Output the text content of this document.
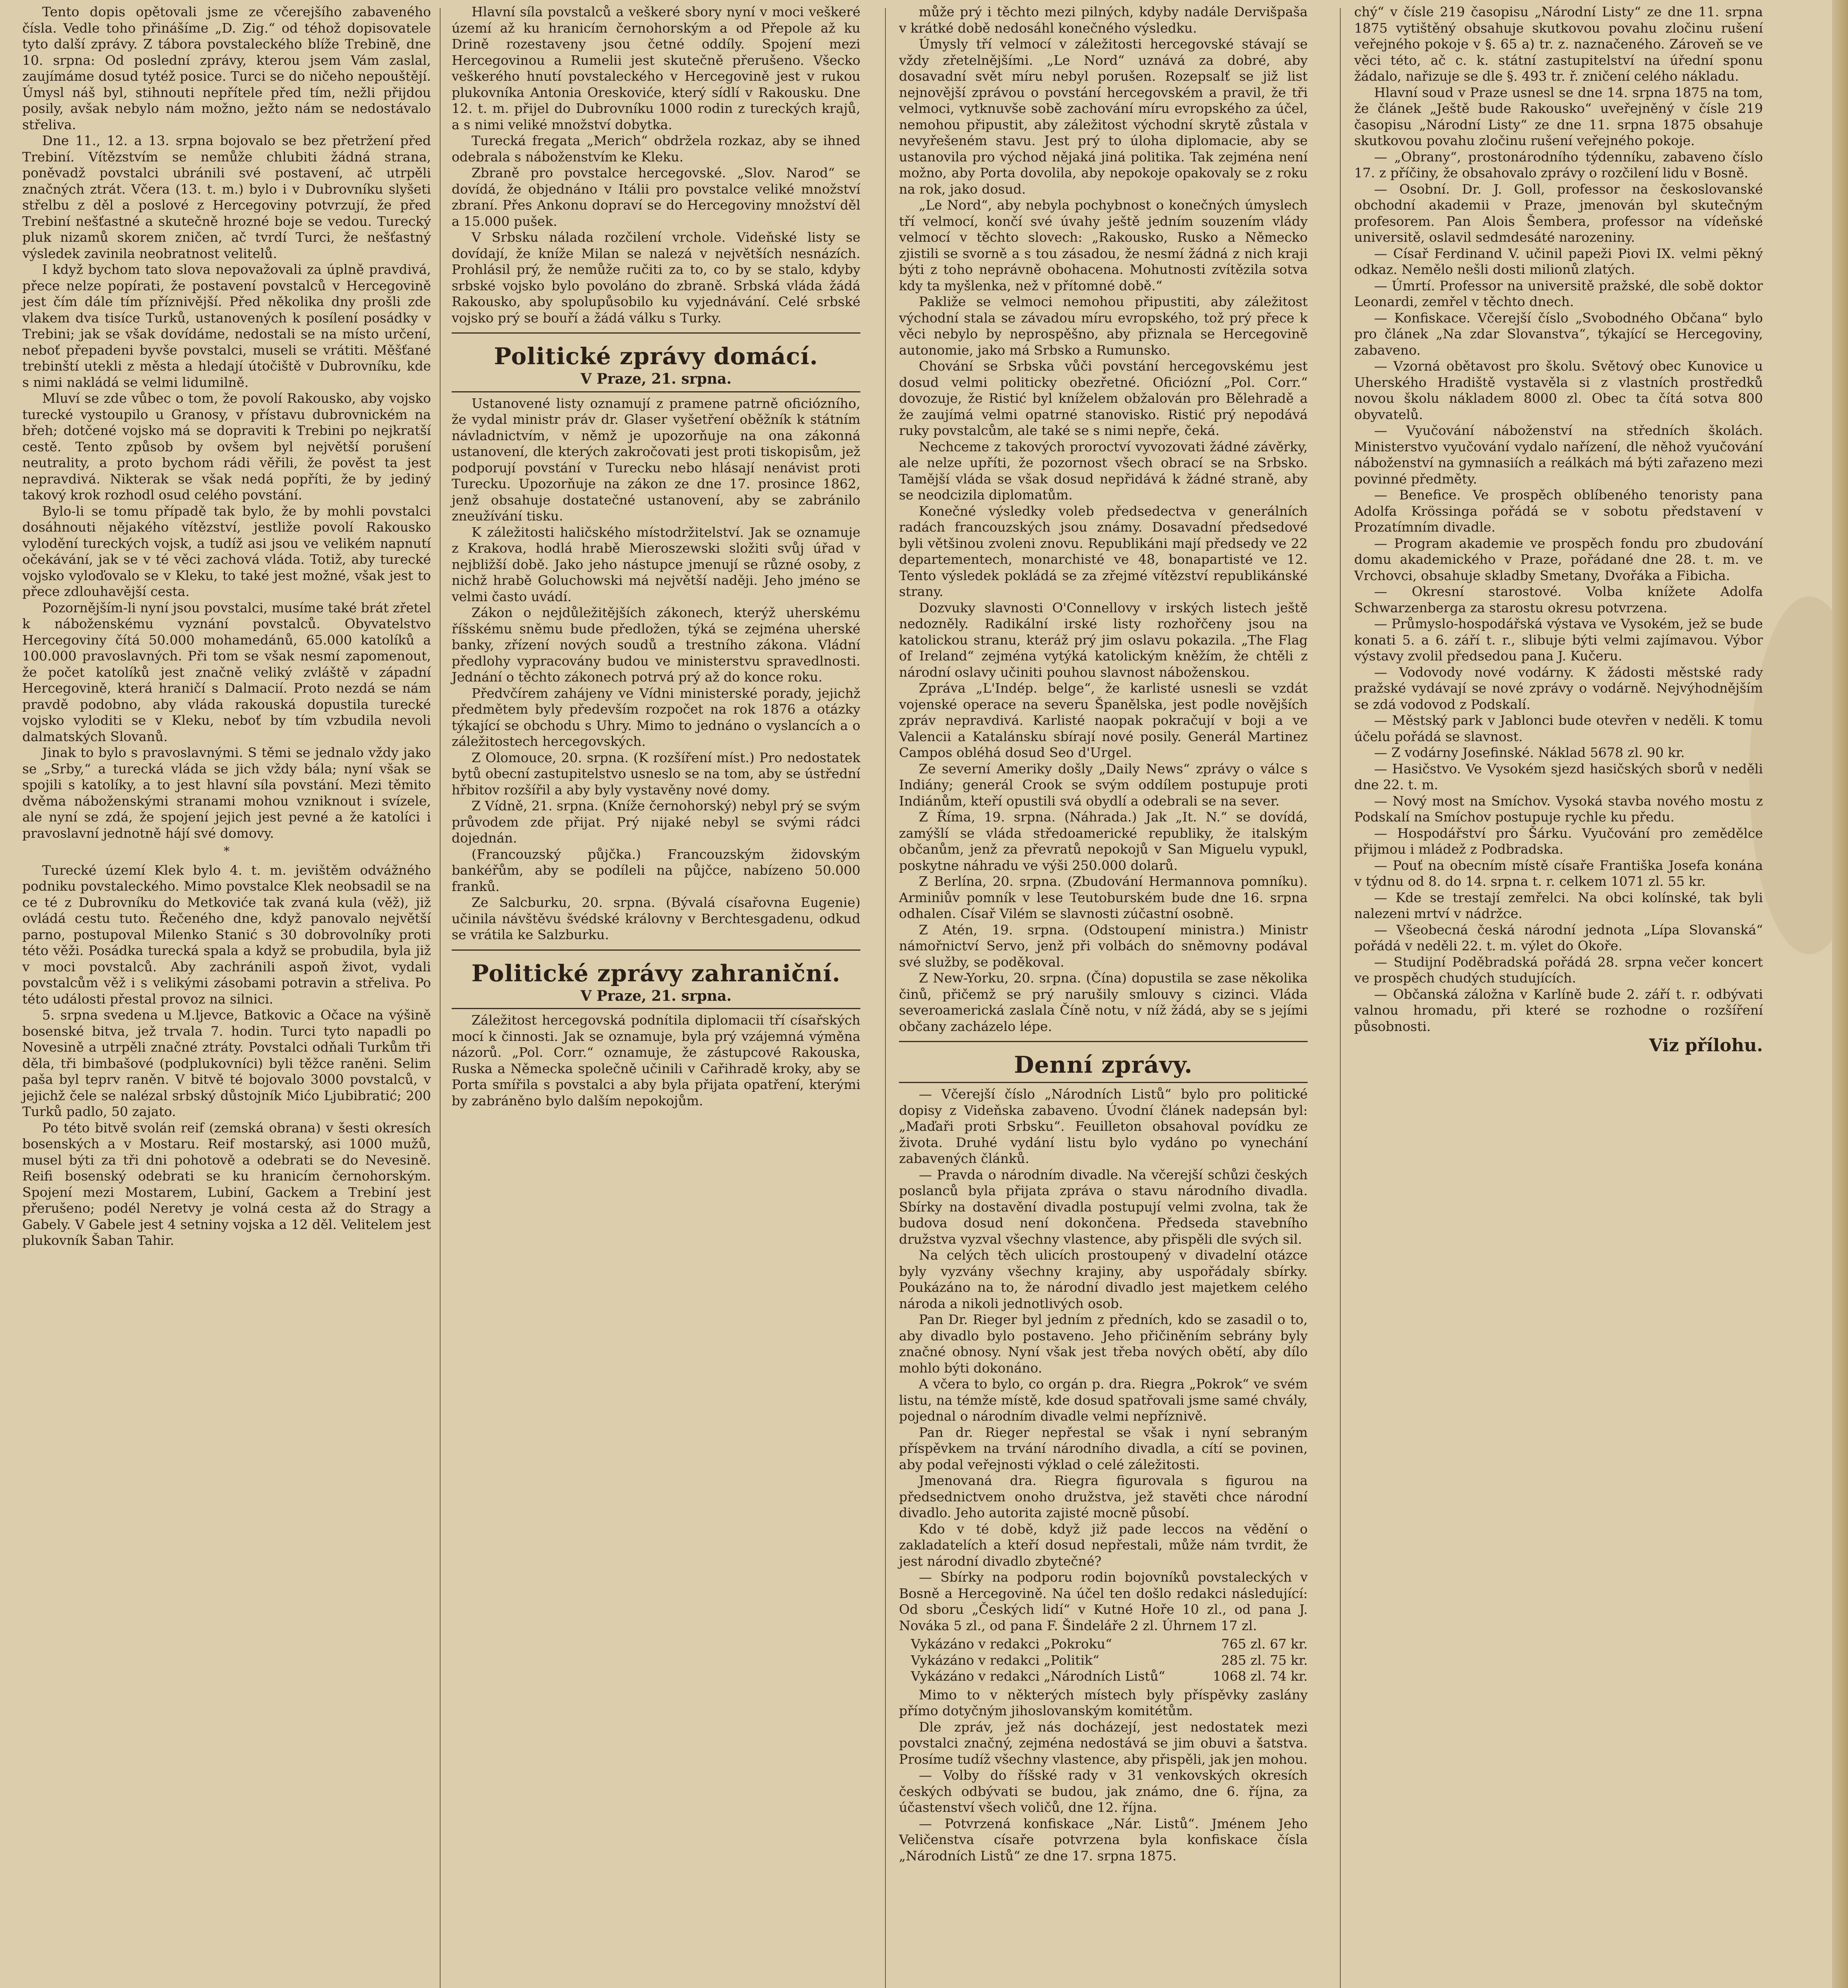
Tento dopis opětovali jsme ze včerejšího zabaveného čísla. Vedle toho přinášíme „D. Zig.“ od téhož dopisovatele tyto další zprávy. Z tábora povstaleckého blíže Trebině, dne 10. srpna: Od poslední zprávy, kterou jsem Vám zaslal, zaujímáme dosud tytéž posice. Turci se do ničeho nepouštějí. Úmysl náš byl, stihnouti nepřítele před tím, nežli přijdou posily, avšak nebylo nám možno, ježto nám se nedostávalo střeliva.

Dne 11., 12. a 13. srpna bojovalo se bez přetržení před Trebiní. Vítězstvím se nemůže chlubiti žádná strana, poněvadž povstalci ubránili své postavení, ač utrpěli značných ztrát. Včera (13. t. m.) bylo i v Dubrovníku slyšeti střelbu z děl a poslové z Hercegoviny potvrzují, že před Trebiní nešťastné a skutečně hrozné boje se vedou. Turecký pluk nizamů skorem zničen, ač tvrdí Turci, že nešťastný výsledek zavinila neobratnost velitelů.

I když bychom tato slova nepovažovali za úplně pravdivá, přece nelze popírati, že postavení povstalců v Hercegovině jest čím dále tím příznivější. Před několika dny prošli zde vlakem dva tisíce Turků, ustanovených k posílení posádky v Trebini; jak se však dovídáme, nedostali se na místo určení, neboť přepadeni byvše povstalci, museli se vrátiti. Měšťané trebinští utekli z města a hledají útočiště v Dubrovníku, kde s nimi nakládá se velmi lidumilně.

Mluví se zde vůbec o tom, že povolí Rakousko, aby vojsko turecké vystoupilo u Granosy, v přístavu dubrovnickém na břeh; dotčené vojsko má se dopraviti k Trebini po nejkratší cestě. Tento způsob by ovšem byl největší porušení neutrality, a proto bychom rádi věřili, že pověst ta jest nepravdivá. Nikterak se však nedá popříti, že by jediný takový krok rozhodl osud celého povstání.

Bylo-li se tomu případě tak bylo, že by mohli povstalci dosáhnouti nějakého vítězství, jestliže povolí Rakousko vylodění tureckých vojsk, a tudíž asi jsou ve velikém napnutí očekávání, jak se v té věci zachová vláda. Totiž, aby turecké vojsko vyloďovalo se v Kleku, to také jest možné, však jest to přece zdlouhavější cesta.

Pozornějším-li nyní jsou povstalci, musíme také brát zřetel k náboženskému vyznání povstalců. Obyvatelstvo Hercegoviny čítá 50.000 mohamedánů, 65.000 katolíků a 100.000 pravoslavných. Při tom se však nesmí zapomenout, že počet katolíků jest značně veliký zvláště v západní Hercegovině, která hraničí s Dalmacií. Proto nezdá se nám pravdě podobno, aby vláda rakouská dopustila turecké vojsko vyloditi se v Kleku, neboť by tím vzbudila nevoli dalmatských Slovanů.

Jinak to bylo s pravoslavnými. S těmi se jednalo vždy jako se „Srby,“ a turecká vláda se jich vždy bála; nyní však se spojili s katolíky, a to jest hlavní síla povstání. Mezi těmito dvěma náboženskými stranami mohou vzniknout i svízele, ale nyní se zdá, že spojení jejich jest pevné a že katolíci i pravoslavní jednotně hájí své domovy.

*

Turecké území Klek bylo 4. t. m. jevištěm odvážného podniku povstaleckého. Mimo povstalce Klek neobsadil se na ce té z Dubrovníku do Metkoviće tak zvaná kula (věž), již ovládá cestu tuto. Řečeného dne, když panovalo největší parno, postupoval Milenko Stanić s 30 dobrovolníky proti této věži. Posádka turecká spala a když se probudila, byla již v moci povstalců. Aby zachránili aspoň život, vydali povstalcům věž i s velikými zásobami potravin a střeliva. Po této události přestal provoz na silnici.

5. srpna svedena u M.ljevce, Batkovic a Očace na výšině bosenské bitva, jež trvala 7. hodin. Turci tyto napadli po Novesině a utrpěli značné ztráty. Povstalci odňali Turkům tři děla, tři bimbašové (podplukovníci) byli těžce raněni. Selim paša byl teprv raněn. V bitvě té bojovalo 3000 povstalců, v jejichž čele se nalézal srbský důstojník Mićo Ljubibratić; 200 Turků padlo, 50 zajato.

Po této bitvě svolán reif (zemská obrana) v šesti okresích bosenských a v Mostaru. Reif mostarský, asi 1000 mužů, musel býti za tři dni pohotově a odebrati se do Nevesině. Reifi bosenský odebrati se ku hranicím černohorským. Spojení mezi Mostarem, Lubiní, Gackem a Trebiní jest přerušeno; podél Neretvy je volná cesta až do Stragy a Gabely. V Gabele jest 4 setniny vojska a 12 děl. Velitelem jest plukovník Šaban Tahir.

Hlavní síla povstalců a veškeré sbory nyní v moci veškeré území až ku hranicím černohorským a od Přepole až ku Drině rozestaveny jsou četné oddíly. Spojení mezi Hercegovinou a Rumelii jest skutečně přerušeno. Všecko veškerého hnutí povstaleckého v Hercegovině jest v rukou plukovníka Antonia Oreskoviće, který sídlí v Rakousku. Dne 12. t. m. přijel do Dubrovníku 1000 rodin z tureckých krajů, a s nimi veliké množství dobytka.

Turecká fregata „Merich“ obdržela rozkaz, aby se ihned odebrala s náboženstvím ke Kleku.

Zbraně pro povstalce hercegovské. „Slov. Narod“ se dovídá, že objednáno v Itálii pro povstalce veliké množství zbraní. Přes Ankonu dopraví se do Hercegoviny množství děl a 15.000 pušek.

V Srbsku nálada rozčilení vrchole. Videňské listy se dovídají, že kníže Milan se nalezá v největších nesnázích. Prohlásil prý, že nemůže ručiti za to, co by se stalo, kdyby srbské vojsko bylo povoláno do zbraně. Srbská vláda žádá Rakousko, aby spolupůsobilo ku vyjednávání. Celé srbské vojsko prý se bouří a žádá válku s Turky.

Politické zprávy domácí.
V Praze, 21. srpna.

Ustanovené listy oznamují z pramene patrně oficiózního, že vydal ministr práv dr. Glaser vyšetření oběžník k státním návladnictvím, v němž je upozorňuje na ona zákonná ustanovení, dle kterých zakročovati jest proti tiskopisům, jež podporují povstání v Turecku nebo hlásají nenávist proti Turecku. Upozorňuje na zákon ze dne 17. prosince 1862, jenž obsahuje dostatečné ustanovení, aby se zabránilo zneužívání tisku.

K záležitosti haličského místodržitelství. Jak se oznamuje z Krakova, hodlá hrabě Mieroszewski složiti svůj úřad v nejbližší době. Jako jeho nástupce jmenují se různé osoby, z nichž hrabě Goluchowski má největší naději. Jeho jméno se velmi často uvádí.

Zákon o nejdůležitějších zákonech, kterýž uherskému říšskému sněmu bude předložen, týká se zejména uherské banky, zřízení nových soudů a trestního zákona. Vládní předlohy vypracovány budou ve ministerstvu spravedlnosti. Jednání o těchto zákonech potrvá prý až do konce roku.

Předvčírem zahájeny ve Vídni ministerské porady, jejichž předmětem byly především rozpočet na rok 1876 a otázky týkající se obchodu s Uhry. Mimo to jednáno o vyslancích a o záležitostech hercegovských.

Z Olomouce, 20. srpna. (K rozšíření míst.) Pro nedostatek bytů obecní zastupitelstvo usneslo se na tom, aby se ústřední hřbitov rozšířil a aby byly vystavěny nové domy.

Z Vídně, 21. srpna. (Kníže černohorský) nebyl prý se svým průvodem zde přijat. Prý nijaké nebyl se svými rádci dojednán.

(Francouzský půjčka.) Francouzským židovským bankéřům, aby se podíleli na půjčce, nabízeno 50.000 franků.

Ze Salcburku, 20. srpna. (Bývalá císařovna Eugenie) učinila návštěvu švédské královny v Berchtesgadenu, odkud se vrátila ke Salzburku.

Politické zprávy zahraniční.
V Praze, 21. srpna.

Záležitost hercegovská podnítila diplomacii tří císařských mocí k činnosti. Jak se oznamuje, byla prý vzájemná výměna názorů. „Pol. Corr.“ oznamuje, že zástupcové Rakouska, Ruska a Německa společně učinili v Cařihradě kroky, aby se Porta smířila s povstalci a aby byla přijata opatření, kterými by zabráněno bylo dalším nepokojům.

může prý i těchto mezi pilných, kdyby nadále Dervišpaša v krátké době nedosáhl konečného výsledku.

Úmysly tří velmocí v záležitosti hercegovské stávají se vždy zřetelnějšími. „Le Nord“ uznává za dobré, aby dosavadní svět míru nebyl porušen. Rozepsalť se již list nejnovější zprávou o povstání hercegovském a pravil, že tři velmoci, vytknuvše sobě zachování míru evropského za účel, nemohou připustit, aby záležitost východní skrytě zůstala v nevyřešeném stavu. Jest prý to úloha diplomacie, aby se ustanovila pro východ nějaká jiná politika. Tak zejména není možno, aby Porta dovolila, aby nepokoje opakovaly se z roku na rok, jako dosud.

„Le Nord“, aby nebyla pochybnost o konečných úmyslech tří velmocí, končí své úvahy ještě jedním souzením vlády velmocí v těchto slovech: „Rakousko, Rusko a Německo zjistili se svorně a s tou zásadou, že nesmí žádná z nich kraji býti z toho neprávně obohacena. Mohutnosti zvítězila sotva kdy ta myšlenka, než v přítomné době.“

Pakliže se velmoci nemohou připustiti, aby záležitost východní stala se závadou míru evropského, tož prý přece k věci nebylo by neprospěšno, aby přiznala se Hercegovině autonomie, jako má Srbsko a Rumunsko.

Chování se Srbska vůči povstání hercegovskému jest dosud velmi politicky obezřetné. Oficiózní „Pol. Corr.“ dovozuje, že Ristić byl kníželem obžalován pro Bělehradě a že zaujímá velmi opatrné stanovisko. Ristić prý nepodává ruky povstalcům, ale také se s nimi nepře, čeká.

Nechceme z takových proroctví vyvozovati žádné závěrky, ale nelze upříti, že pozornost všech obrací se na Srbsko. Tamější vláda se však dosud nepřidává k žádné straně, aby se neodcizila diplomatům.

Konečné výsledky voleb předsedectva v generálních radách francouzských jsou známy. Dosavadní předsedové byli většinou zvoleni znovu. Republikáni mají předsedy ve 22 departementech, monarchisté ve 48, bonapartisté ve 12. Tento výsledek pokládá se za zřejmé vítězství republikánské strany.

Dozvuky slavnosti O'Connellovy v irských listech ještě nedozněly. Radikální irské listy rozhořčeny jsou na katolickou stranu, kteráž prý jim oslavu pokazila. „The Flag of Ireland“ zejména vytýká katolickým kněžím, že chtěli z národní oslavy učiniti pouhou slavnost náboženskou.

Zpráva „L'Indép. belge“, že karlisté usnesli se vzdát vojenské operace na severu Španělska, jest podle novějších zpráv nepravdivá. Karlisté naopak pokračují v boji a ve Valencii a Katalánsku sbírají nové posily. Generál Martinez Campos obléhá dosud Seo d'Urgel.

Ze severní Ameriky došly „Daily News“ zprávy o válce s Indiány; generál Crook se svým oddílem postupuje proti Indiánům, kteří opustili svá obydlí a odebrali se na sever.

Z Říma, 19. srpna. (Náhrada.) Jak „It. N.“ se dovídá, zamýšlí se vláda středoamerické republiky, že italským občanům, jenž za převratů nepokojů v San Miguelu vypukl, poskytne náhradu ve výši 250.000 dolarů.

Z Berlína, 20. srpna. (Zbudování Hermannova pomníku). Arminiův pomník v lese Teutoburském bude dne 16. srpna odhalen. Císař Vilém se slavnosti zúčastní osobně.

Z Atén, 19. srpna. (Odstoupení ministra.) Ministr námořnictví Servo, jenž při volbách do sněmovny podával své služby, se poděkoval.

Z New-Yorku, 20. srpna. (Čína) dopustila se zase několika činů, přičemž se prý narušily smlouvy s cizinci. Vláda severoamerická zaslala Číně notu, v níž žádá, aby se s jejími občany zacházelo lépe.

Denní zprávy.

— Včerejší číslo „Národních Listů“ bylo pro politické dopisy z Videňska zabaveno. Úvodní článek nadepsán byl: „Maďaři proti Srbsku“. Feuilleton obsahoval povídku ze života. Druhé vydání listu bylo vydáno po vynechání zabavených článků.

— Pravda o národním divadle. Na včerejší schůzi českých poslanců byla přijata zpráva o stavu národního divadla. Sbírky na dostavění divadla postupují velmi zvolna, tak že budova dosud není dokončena. Předseda stavebního družstva vyzval všechny vlastence, aby přispěli dle svých sil.

Na celých těch ulicích prostoupený v divadelní otázce byly vyzvány všechny krajiny, aby uspořádaly sbírky. Poukázáno na to, že národní divadlo jest majetkem celého národa a nikoli jednotlivých osob.

Pan Dr. Rieger byl jedním z předních, kdo se zasadil o to, aby divadlo bylo postaveno. Jeho přičiněním sebrány byly značné obnosy. Nyní však jest třeba nových obětí, aby dílo mohlo býti dokonáno.

A včera to bylo, co orgán p. dra. Riegra „Pokrok“ ve svém listu, na témže místě, kde dosud spatřovali jsme samé chvály, pojednal o národním divadle velmi nepříznivě.

Pan dr. Rieger nepřestal se však i nyní sebraným příspěvkem na trvání národního divadla, a cítí se povinen, aby podal veřejnosti výklad o celé záležitosti.

Jmenovaná dra. Riegra figurovala s figurou na předsednictvem onoho družstva, jež stavěti chce národní divadlo. Jeho autorita zajisté mocně působí.

Kdo v té době, když již pade leccos na vědění o zakladatelích a kteří dosud nepřestali, může nám tvrdit, že jest národní divadlo zbytečné?

— Sbírky na podporu rodin bojovníků povstaleckých v Bosně a Hercegovině. Na účel ten došlo redakci následující: Od sboru „Českých lidí“ v Kutné Hoře 10 zl., od pana J. Nováka 5 zl., od pana F. Šindeláře 2 zl. Úhrnem 17 zl.

Vykázáno v redakci „Pokroku“	765 zl. 67 kr.
Vykázáno v redakci „Politik“	285 zl. 75 kr.
Vykázáno v redakci „Národních Listů“	1068 zl. 74 kr.

Mimo to v některých místech byly příspěvky zaslány přímo dotyčným jihoslovanským komitétům.

Dle zpráv, jež nás docházejí, jest nedostatek mezi povstalci značný, zejména nedostává se jim obuvi a šatstva. Prosíme tudíž všechny vlastence, aby přispěli, jak jen mohou.

— Volby do říšské rady v 31 venkovských okresích českých odbývati se budou, jak známo, dne 6. října, za účastenství všech voličů, dne 12. října.

— Potvrzená konfiskace „Nár. Listů“. Jménem Jeho Veličenstva císaře potvrzena byla konfiskace čísla „Národních Listů“ ze dne 17. srpna 1875.

chý“ v čísle 219 časopisu „Národní Listy“ ze dne 11. srpna 1875 vytištěný obsahuje skutkovou povahu zločinu rušení veřejného pokoje v §. 65 a) tr. z. naznačeného. Zároveň se ve věci této, ač c. k. státní zastupitelství na úřední sponu žádalo, nařizuje se dle §. 493 tr. ř. zničení celého nákladu.

Hlavní soud v Praze usnesl se dne 14. srpna 1875 na tom, že článek „Ještě bude Rakousko“ uveřejněný v čísle 219 časopisu „Národní Listy“ ze dne 11. srpna 1875 obsahuje skutkovou povahu zločinu rušení veřejného pokoje.

— „Obrany“, prostonárodního týdenníku, zabaveno číslo 17. z příčiny, že obsahovalo zprávy o rozčilení lidu v Bosně.

— Osobní. Dr. J. Goll, professor na českoslovanské obchodní akademii v Praze, jmenován byl skutečným profesorem. Pan Alois Šembera, professor na vídeňské universitě, oslavil sedmdesáté narozeniny.

— Císař Ferdinand V. učinil papeži Piovi IX. velmi pěkný odkaz. Nemělo nešli dosti milionů zlatých.

— Úmrtí. Professor na universitě pražské, dle sobě doktor Leonardi, zemřel v těchto dnech.

— Konfiskace. Včerejší číslo „Svobodného Občana“ bylo pro článek „Na zdar Slovanstva“, týkající se Hercegoviny, zabaveno.

— Vzorná obětavost pro školu. Světový obec Kunovice u Uherského Hradiště vystavěla si z vlastních prostředků novou školu nákladem 8000 zl. Obec ta čítá sotva 800 obyvatelů.

— Vyučování náboženství na středních školách. Ministerstvo vyučování vydalo nařízení, dle něhož vyučování náboženství na gymnasiích a reálkách má býti zařazeno mezi povinné předměty.

— Benefice. Ve prospěch oblíbeného tenoristy pana Adolfa Krössinga pořádá se v sobotu představení v Prozatímním divadle.

— Program akademie ve prospěch fondu pro zbudování domu akademického v Praze, pořádané dne 28. t. m. ve Vrchovci, obsahuje skladby Smetany, Dvořáka a Fibicha.

— Okresní starostové. Volba knížete Adolfa Schwarzenberga za starostu okresu potvrzena.

— Průmyslo-hospodářská výstava ve Vysokém, jež se bude konati 5. a 6. září t. r., slibuje býti velmi zajímavou. Výbor výstavy zvolil předsedou pana J. Kučeru.

— Vodovody nové vodárny. K žádosti městské rady pražské vydávají se nové zprávy o vodárně. Nejvýhodnějším se zdá vodovod z Podskalí.

— Městský park v Jablonci bude otevřen v neděli. K tomu účelu pořádá se slavnost.

— Z vodárny Josefinské. Náklad 5678 zl. 90 kr.

— Hasičstvo. Ve Vysokém sjezd hasičských sborů v neděli dne 22. t. m.

— Nový most na Smíchov. Vysoká stavba nového mostu z Podskalí na Smíchov postupuje rychle ku předu.

— Hospodářství pro Šárku. Vyučování pro zemědělce přijmou i mládež z Podbradska.

— Pouť na obecním místě císaře Františka Josefa konána v týdnu od 8. do 14. srpna t. r. celkem 1071 zl. 55 kr.

— Kde se trestají zemřelci. Na obci kolínské, tak byli nalezeni mrtví v nádržce.

— Všeobecná česká národní jednota „Lípa Slovanská“ pořádá v neděli 22. t. m. výlet do Okoře.

— Studijní Poděbradská pořádá 28. srpna večer koncert ve prospěch chudých studujících.

— Občanská záložna v Karlíně bude 2. září t. r. odbývati valnou hromadu, při které se rozhodne o rozšíření působnosti.

Viz přílohu.
